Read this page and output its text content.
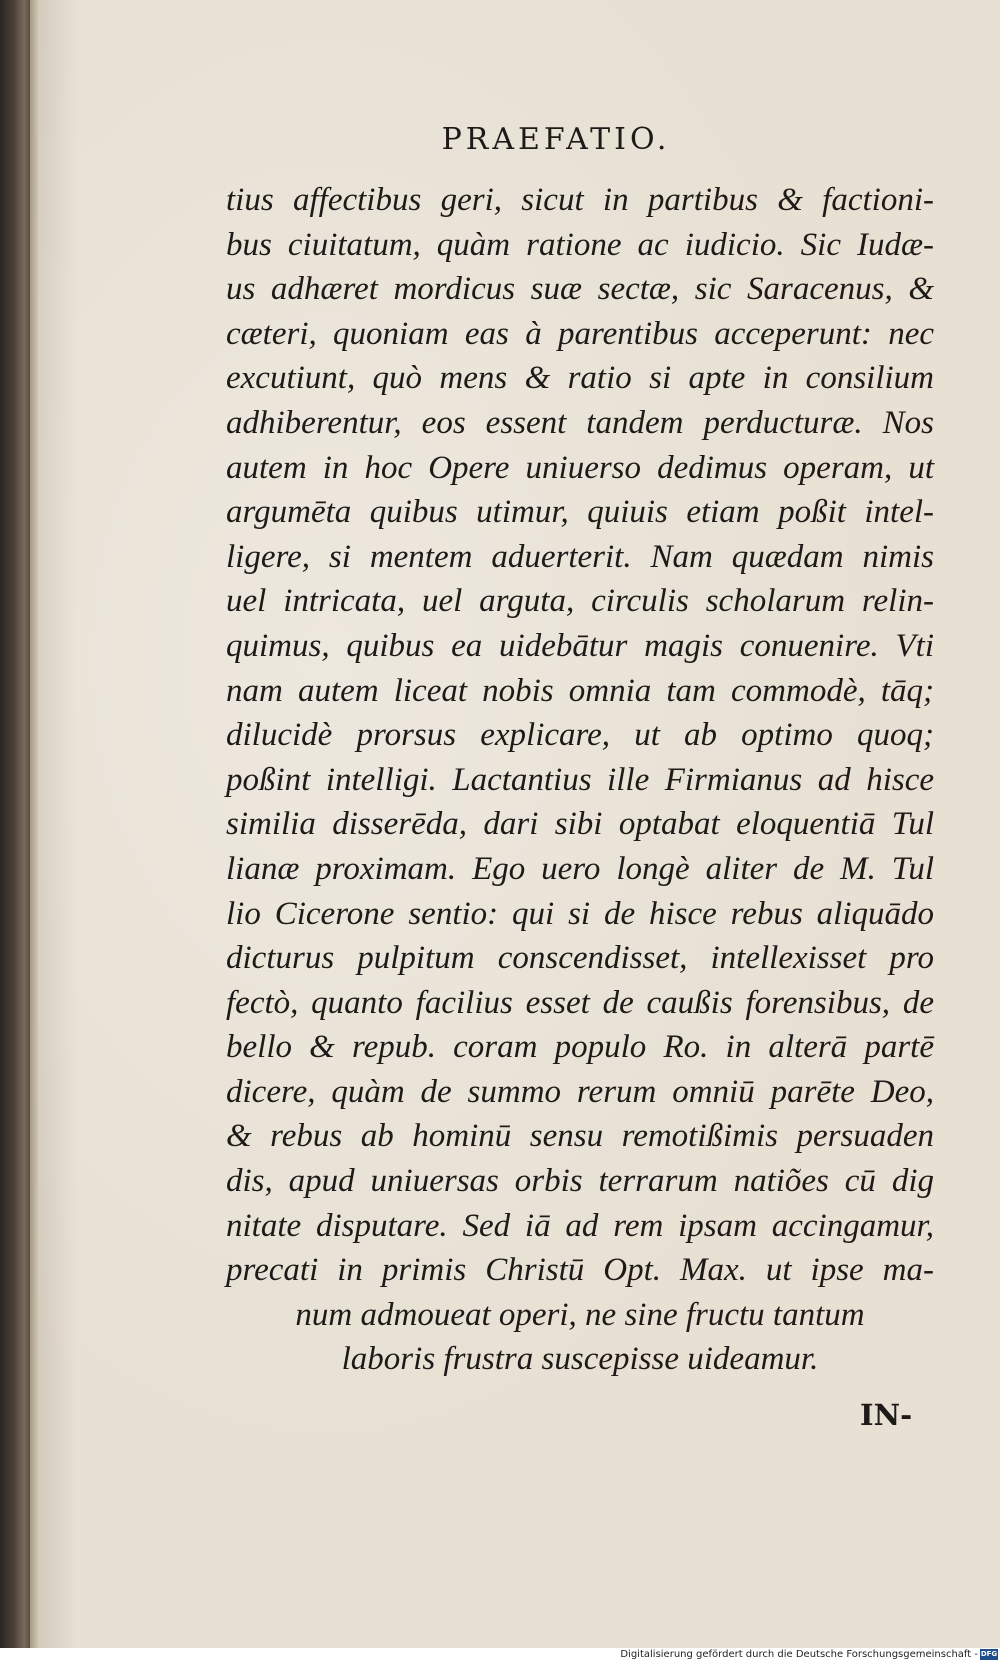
PRAEFATIO.
tius affectibus geri, sicut in partibus & factioni-
bus ciuitatum, quàm ratione ac iudicio. Sic Iudæ-
us adhæret mordicus suæ sectæ, sic Saracenus, &
cæteri, quoniam eas à parentibus acceperunt: nec
excutiunt, quò mens & ratio si apte in consilium
adhiberentur, eos essent tandem perducturæ. Nos
autem in hoc Opere uniuerso dedimus operam, ut
argumēta quibus utimur, quiuis etiam poßit intel-
ligere, si mentem aduerterit. Nam quædam nimis
uel intricata, uel arguta, circulis scholarum relin-
quimus, quibus ea uidebātur magis conuenire. Vti
nam autem liceat nobis omnia tam commodè, tāq;
dilucidè prorsus explicare, ut ab optimo quoq;
poßint intelligi. Lactantius ille Firmianus ad hisce
similia disserēda, dari sibi optabat eloquentiā Tul
lianæ proximam. Ego uero longè aliter de M. Tul
lio Cicerone sentio: qui si de hisce rebus aliquādo
dicturus pulpitum conscendisset, intellexisset pro
fectò, quanto facilius esset de caußis forensibus, de
bello & repub. coram populo Ro. in alterā partē
dicere, quàm de summo rerum omniū parēte Deo,
& rebus ab hominū sensu remotißimis persuaden
dis, apud uniuersas orbis terrarum natiões cū dig
nitate disputare. Sed iā ad rem ipsam accingamur,
precati in primis Christū Opt. Max. ut ipse ma-
num admoueat operi, ne sine fructu tantum
laboris frustra suscepisse uideamur.
IN-
Digitalisierung gefördert durch die Deutsche Forschungsgemeinschaft - DFG
